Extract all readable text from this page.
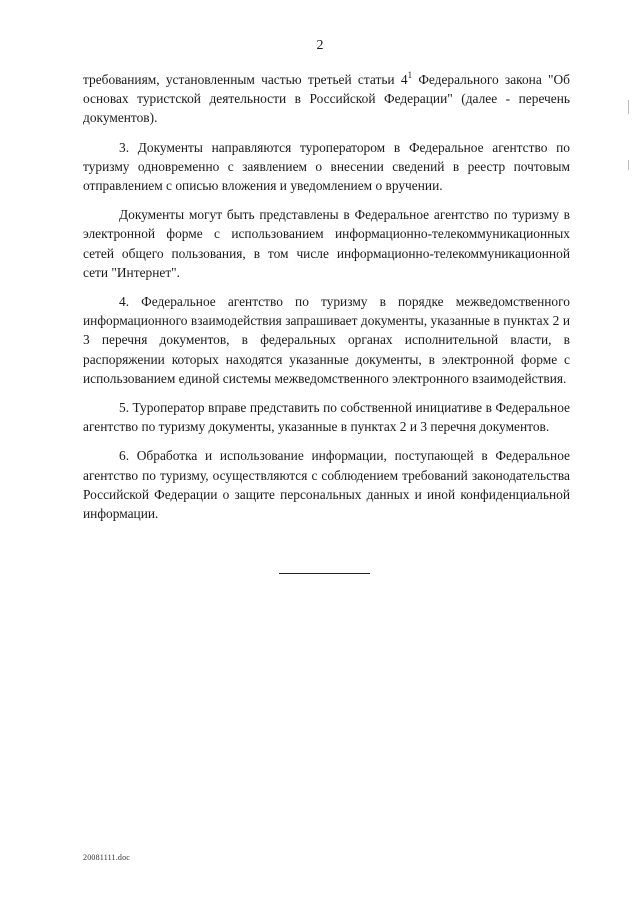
2

требованиям, установленным частью третьей статьи $4^1$ Федерального закона "Об основах туристской деятельности в Российской Федерации" (далее - перечень документов).

3. Документы направляются туроператором в Федеральное агентство по туризму одновременно с заявлением о внесении сведений в реестр почтовым отправлением с описью вложения и уведомлением о вручении.

Документы могут быть представлены в Федеральное агентство по туризму в электронной форме с использованием информационно-телекоммуникационных сетей общего пользования, в том числе информационно-телекоммуникационной сети "Интернет".

4. Федеральное агентство по туризму в порядке межведомственного информационного взаимодействия запрашивает документы, указанные в пунктах 2 и 3 перечня документов, в федеральных органах исполнительной власти, в распоряжении которых находятся указанные документы, в электронной форме с использованием единой системы межведомственного электронного взаимодействия.

5. Туроператор вправе представить по собственной инициативе в Федеральное агентство по туризму документы, указанные в пунктах 2 и 3 перечня документов.

6. Обработка и использование информации, поступающей в Федеральное агентство по туризму, осуществляются с соблюдением требований законодательства Российской Федерации о защите персональных данных и иной конфиденциальной информации.

20081111.doc
